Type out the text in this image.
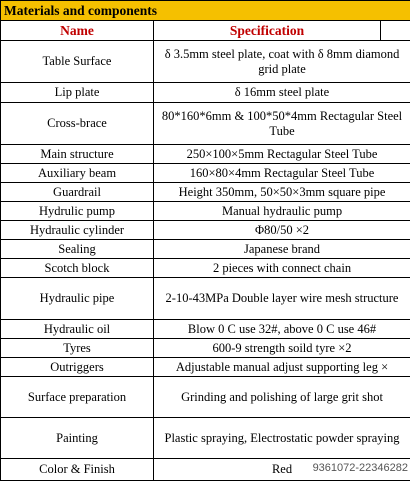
Materials and components		
Name	Specification	
Table Surface	δ 3.5mm steel plate, coat with δ 8mm diamond grid plate	
Lip plate	δ 16mm steel plate	
Cross-brace	80*160*6mm & 100*50*4mm Rectagular Steel Tube	
Main structure	250×100×5mm Rectagular Steel Tube	
Auxiliary beam	160×80×4mm Rectagular Steel Tube	
Guardrail	Height 350mm, 50×50×3mm square pipe	
Hydrulic pump	Manual hydraulic pump	
Hydraulic cylinder	Φ80/50 ×2	
Sealing	Japanese brand	
Scotch block	2 pieces with connect chain	
Hydraulic pipe	2-10-43MPa Double layer wire mesh structure	
Hydraulic oil	Blow 0 C use 32#, above 0 C use 46#	
Tyres	600-9 strength soild tyre ×2	
Outriggers	Adjustable manual adjust supporting leg ×	
Surface preparation	Grinding and polishing of large grit shot	
Painting	Plastic spraying, Electrostatic powder spraying	
Color & Finish	Red	9361072-22346282
